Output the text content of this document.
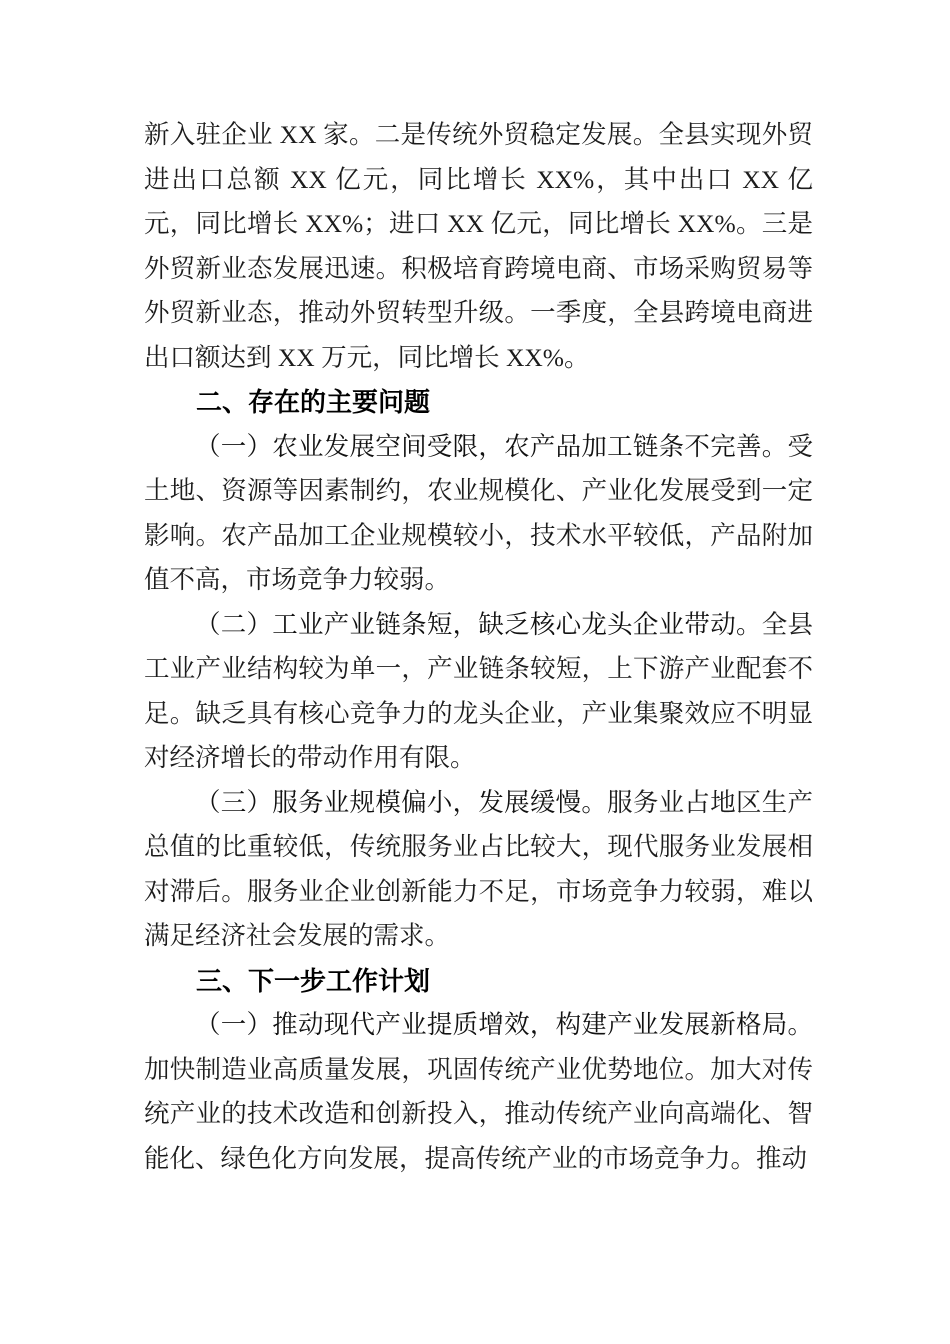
新入驻企业 XX 家。二是传统外贸稳定发展。全县实现外贸进出口总额 XX 亿元，同比增长 XX%，其中出口 XX 亿元，同比增长 XX%；进口 XX 亿元，同比增长 XX%。三是外贸新业态发展迅速。积极培育跨境电商、市场采购贸易等外贸新业态，推动外贸转型升级。一季度，全县跨境电商进出口额达到 XX 万元，同比增长 XX%。

二、存在的主要问题

（一）农业发展空间受限，农产品加工链条不完善。受土地、资源等因素制约，农业规模化、产业化发展受到一定影响。农产品加工企业规模较小，技术水平较低，产品附加值不高，市场竞争力较弱。

（二）工业产业链条短，缺乏核心龙头企业带动。全县工业产业结构较为单一，产业链条较短，上下游产业配套不足。缺乏具有核心竞争力的龙头企业，产业集聚效应不明显对经济增长的带动作用有限。

（三）服务业规模偏小，发展缓慢。服务业占地区生产总值的比重较低，传统服务业占比较大，现代服务业发展相对滞后。服务业企业创新能力不足，市场竞争力较弱，难以满足经济社会发展的需求。

三、下一步工作计划

（一）推动现代产业提质增效，构建产业发展新格局。加快制造业高质量发展，巩固传统产业优势地位。加大对传统产业的技术改造和创新投入，推动传统产业向高端化、智能化、绿色化方向发展，提高传统产业的市场竞争力。推动
